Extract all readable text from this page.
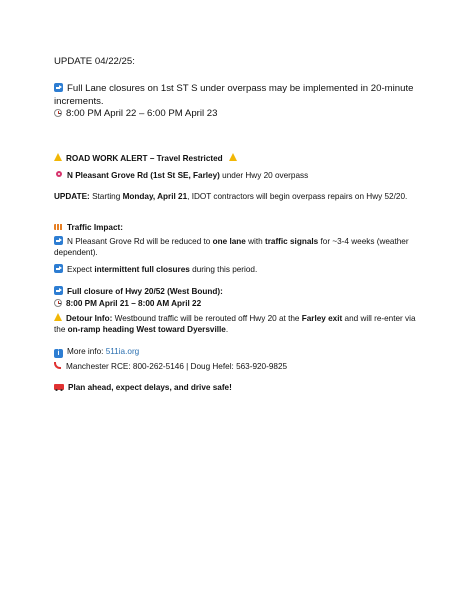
UPDATE 04/22/25:
Full Lane closures on 1st ST S under overpass may be implemented in 20-minute increments.
8:00 PM April 22 – 6:00 PM April 23
ROAD WORK ALERT – Travel Restricted
N Pleasant Grove Rd (1st St SE, Farley) under Hwy 20 overpass
UPDATE: Starting Monday, April 21, IDOT contractors will begin overpass repairs on Hwy 52/20.
Traffic Impact:
N Pleasant Grove Rd will be reduced to one lane with traffic signals for ~3-4 weeks (weather dependent).
Expect intermittent full closures during this period.
Full closure of Hwy 20/52 (West Bound):
8:00 PM April 21 – 8:00 AM April 22
Detour Info: Westbound traffic will be rerouted off Hwy 20 at the Farley exit and will re-enter via the on-ramp heading West toward Dyersville.
i More info: 511ia.org
Manchester RCE: 800-262-5146 | Doug Hefel: 563-920-9825
Plan ahead, expect delays, and drive safe!
